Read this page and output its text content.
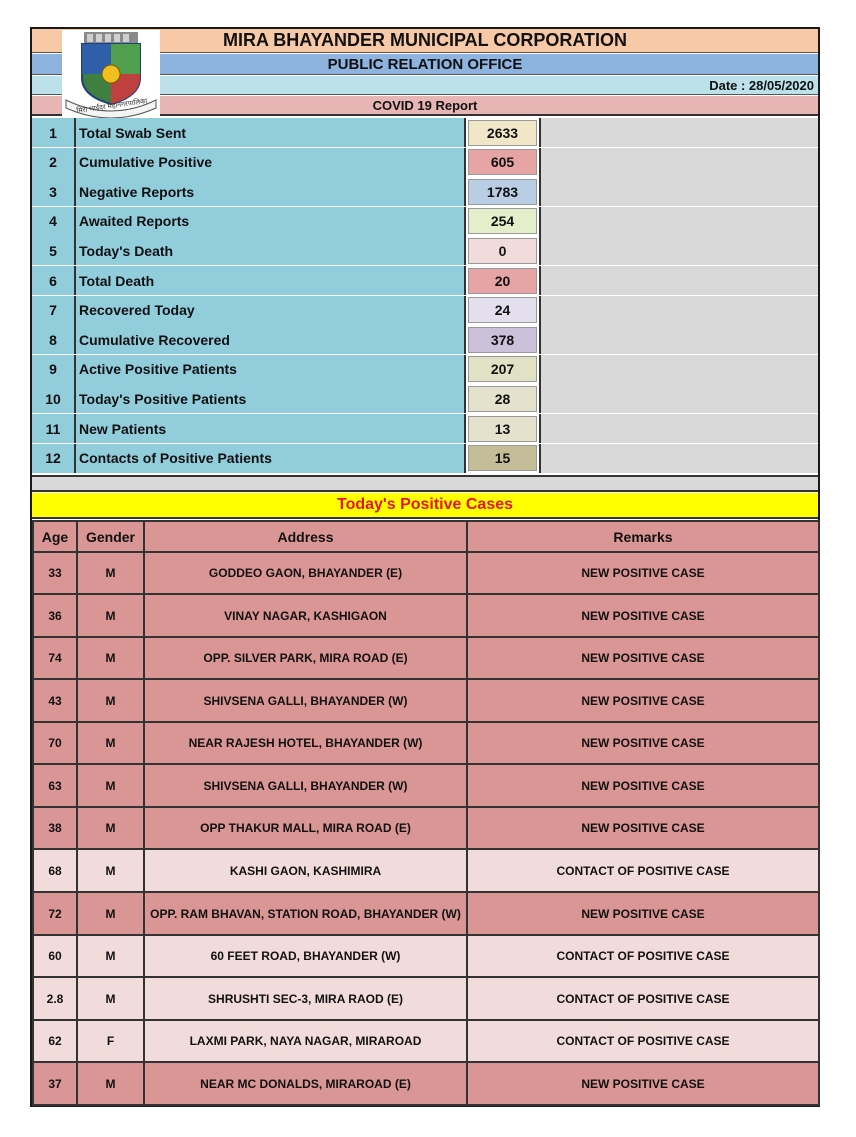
MIRA BHAYANDER MUNICIPAL CORPORATION
PUBLIC RELATION OFFICE
Date : 28/05/2020
COVID 19 Report
मिरा भाईंदर महानगरपालिका
1	Total Swab Sent	2633
2	Cumulative Positive	605
3	Negative Reports	1783
4	Awaited Reports	254
5	Today's Death	0
6	Total Death	20
7	Recovered Today	24
8	Cumulative Recovered	378
9	Active Positive Patients	207
10	Today's Positive Patients	28
11	New Patients	13
12	Contacts of Positive Patients	15
Today's Positive Cases
Age	Gender	Address	Remarks
33	M	GODDEO GAON, BHAYANDER (E)	NEW POSITIVE CASE
36	M	VINAY NAGAR, KASHIGAON	NEW POSITIVE CASE
74	M	OPP. SILVER PARK, MIRA ROAD (E)	NEW POSITIVE CASE
43	M	SHIVSENA GALLI, BHAYANDER (W)	NEW POSITIVE CASE
70	M	NEAR RAJESH HOTEL, BHAYANDER (W)	NEW POSITIVE CASE
63	M	SHIVSENA GALLI, BHAYANDER (W)	NEW POSITIVE CASE
38	M	OPP THAKUR MALL, MIRA ROAD (E)	NEW POSITIVE CASE
68	M	KASHI GAON, KASHIMIRA	CONTACT OF POSITIVE CASE
72	M	OPP. RAM BHAVAN, STATION ROAD, BHAYANDER (W)	NEW POSITIVE CASE
60	M	60 FEET ROAD, BHAYANDER (W)	CONTACT OF POSITIVE CASE
2.8	M	SHRUSHTI SEC-3, MIRA RAOD (E)	CONTACT OF POSITIVE CASE
62	F	LAXMI PARK, NAYA NAGAR, MIRAROAD	CONTACT OF POSITIVE CASE
37	M	NEAR MC DONALDS, MIRAROAD (E)	NEW POSITIVE CASE
